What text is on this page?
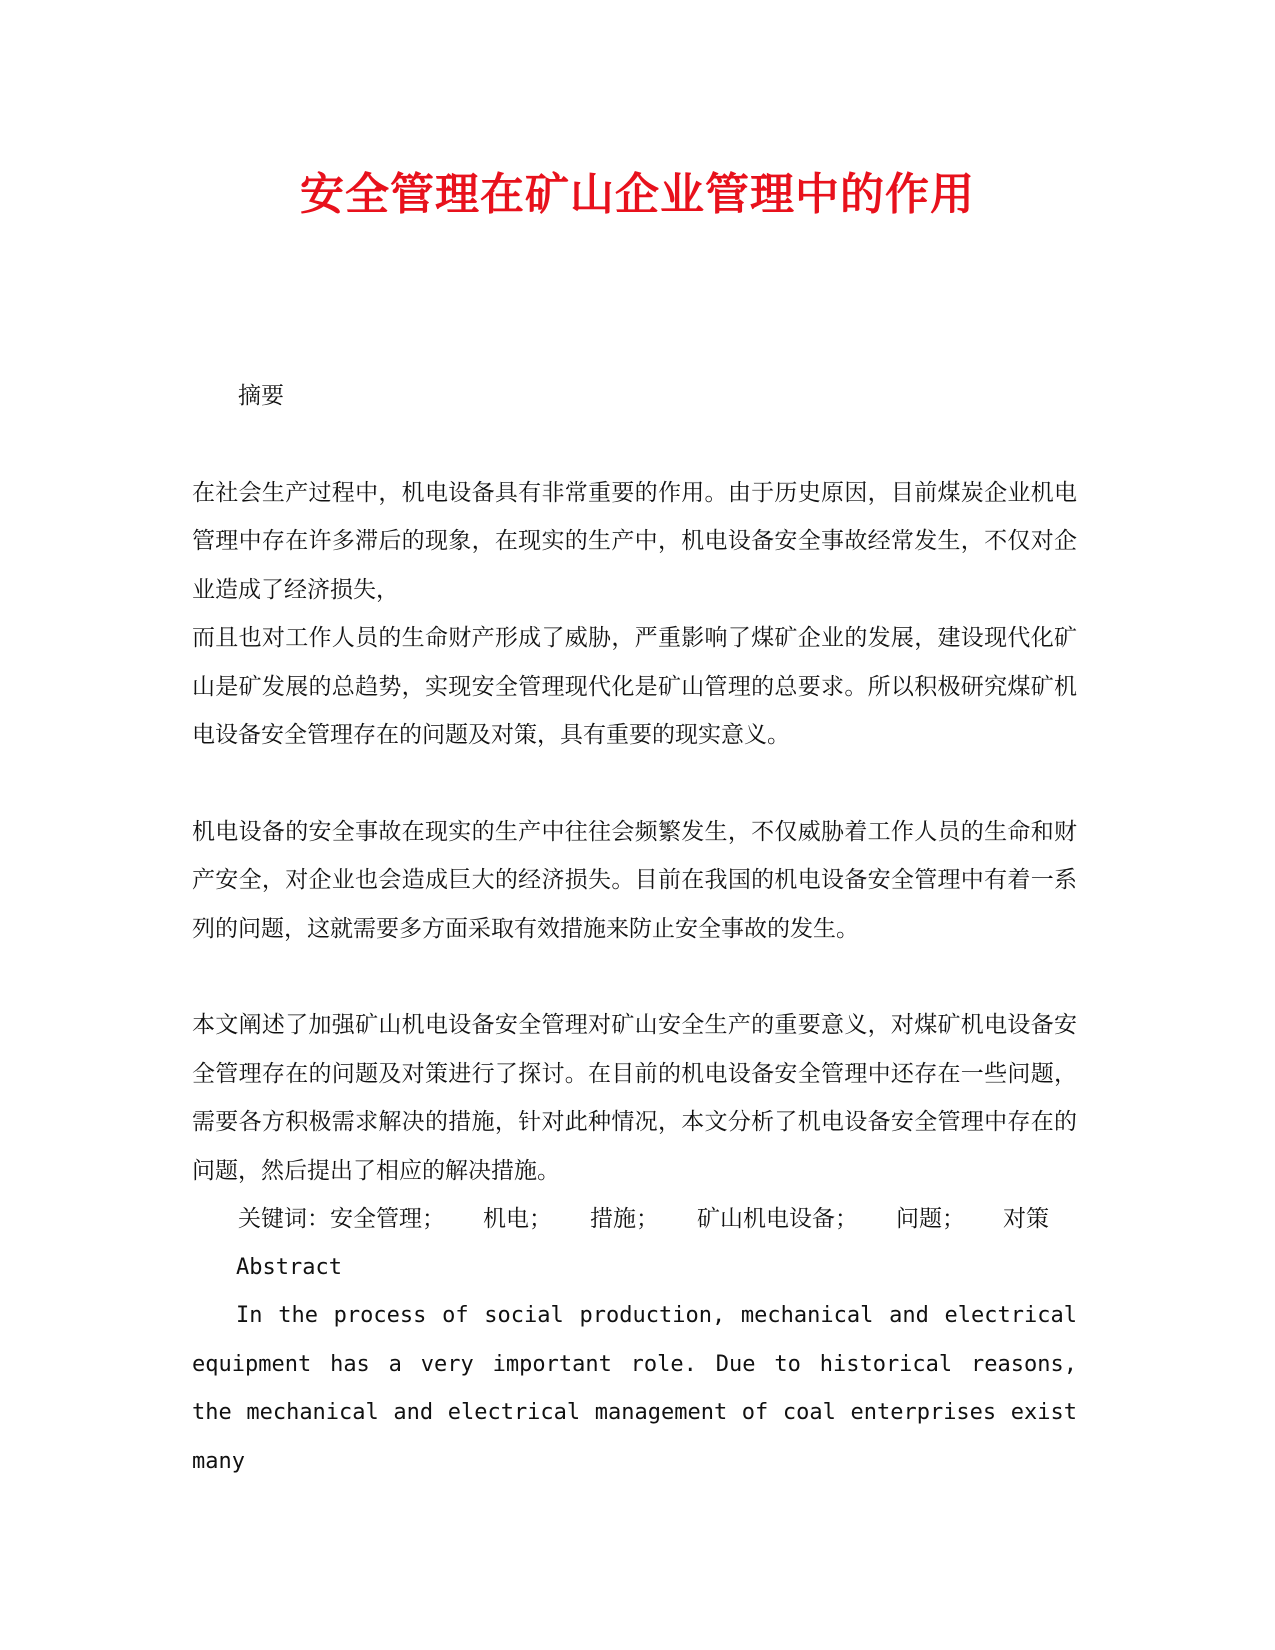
安全管理在矿山企业管理中的作用

摘要

在社会生产过程中，机电设备具有非常重要的作用。由于历史原因，目前煤炭企业机电管理中存在许多滞后的现象，在现实的生产中，机电设备安全事故经常发生，不仅对企业造成了经济损失，

而且也对工作人员的生命财产形成了威胁，严重影响了煤矿企业的发展，建设现代化矿山是矿发展的总趋势，实现安全管理现代化是矿山管理的总要求。所以积极研究煤矿机电设备安全管理存在的问题及对策，具有重要的现实意义。

机电设备的安全事故在现实的生产中往往会频繁发生，不仅威胁着工作人员的生命和财产安全，对企业也会造成巨大的经济损失。目前在我国的机电设备安全管理中有着一系列的问题，这就需要多方面采取有效措施来防止安全事故的发生。

本文阐述了加强矿山机电设备安全管理对矿山安全生产的重要意义，对煤矿机电设备安全管理存在的问题及对策进行了探讨。在目前的机电设备安全管理中还存在一些问题，需要各方积极需求解决的措施，针对此种情况，本文分析了机电设备安全管理中存在的问题，然后提出了相应的解决措施。

关键词：安全管理； 机电； 措施； 矿山机电设备； 问题； 对策

Abstract

In the process of social production, mechanical and electrical equipment has a very important role. Due to historical reasons, the mechanical and electrical management of coal enterprises exist many
